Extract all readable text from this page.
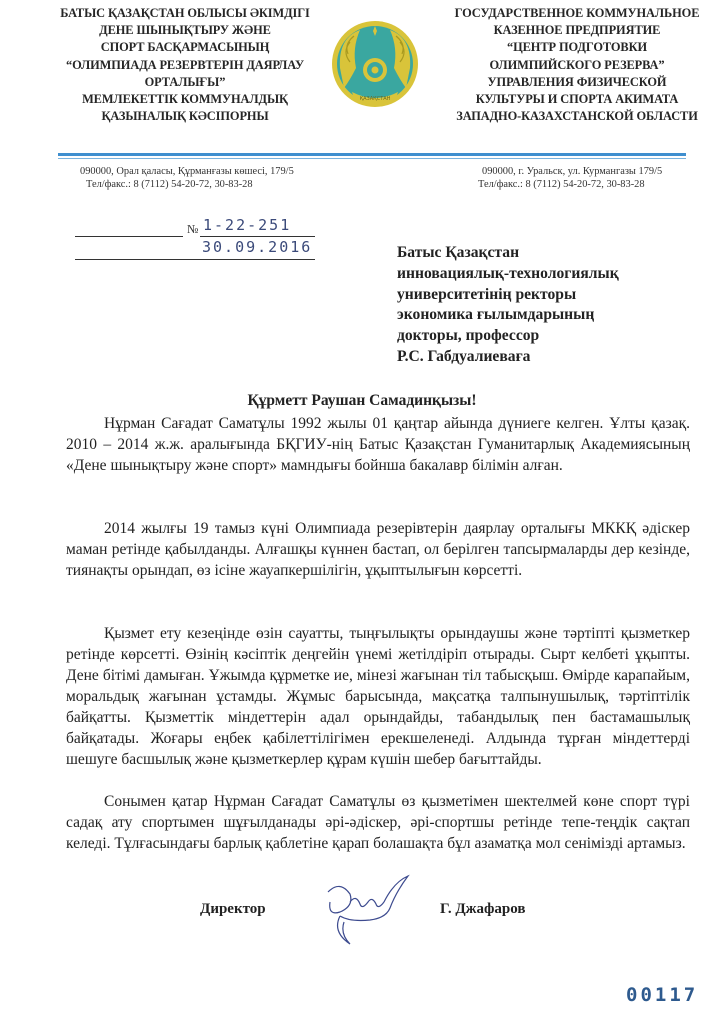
БАТЫС ҚАЗАҚСТАН ОБЛЫСЫ ӘКІМДІГІ
ДЕНЕ ШЫНЫҚТЫРУ ЖӘНЕ
СПОРТ БАСҚАРМАСЫНЫҢ
“ОЛИМПИАДА РЕЗЕРВТЕРІН ДАЯРЛАУ
ОРТАЛЫҒЫ”
МЕМЛЕКЕТТІК КОММУНАЛДЫҚ
ҚАЗЫНАЛЫҚ КӘСІПОРНЫ
ҚАЗАҚСТАН
ГОСУДАРСТВЕННОЕ КОММУНАЛЬНОЕ
КАЗЕННОЕ ПРЕДПРИЯТИЕ
“ЦЕНТР ПОДГОТОВКИ
ОЛИМПИЙСКОГО РЕЗЕРВА”
УПРАВЛЕНИЯ ФИЗИЧЕСКОЙ
КУЛЬТУРЫ И СПОРТА АКИМАТА
ЗАПАДНО-КАЗАХСТАНСКОЙ ОБЛАСТИ
090000, Орал қаласы, Құрманғазы көшесі, 179/5
Тел/факс.: 8 (7112) 54-20-72, 30-83-28
090000, г. Уральск, ул. Курмангазы 179/5
Тел/факс.: 8 (7112) 54-20-72, 30-83-28
№ 1-22-251
30.09.2016	Батыс Қазақстан
инновациялық-технологиялық
университетінің ректоры
экономика ғылымдарының
докторы, профессор
Р.С. Габдуалиеваға
Құрметт Раушан Самадинқызы!

Нұрман Сағадат Саматұлы 1992 жылы 01 қаңтар айында дүниеге келген. Ұлты қазақ. 2010 – 2014 ж.ж. аралығында БҚГИУ-нің Батыс Қазақстан Гуманитарлық Академиясының «Дене шынықтыру және спорт» мамндығы бойнша бакалавр білімін алған.

2014 жылғы 19 тамыз күні Олимпиада резерівтерін даярлау орталығы МККҚ әдіскер маман ретінде қабылданды. Алғашқы күннен бастап, ол берілген тапсырмаларды дер кезінде, тиянақты орындап, өз ісіне жауапкершілігін, ұқыптылығын көрсетті.

Қызмет ету кезеңінде өзін сауатты, тыңғылықты орындаушы және тәртіпті қызметкер ретінде көрсетті. Өзінің кәсіптік деңгейін үнемі жетілдіріп отырады. Сырт келбеті ұқыпты. Дене бітімі дамыған. Ұжымда құрметке ие, мінезі жағынан тіл табысқыш. Өмірде карапайым, моральдық жағынан ұстамды. Жұмыс барысында, мақсатқа талпынушылық, тәртіптілік байқатты. Қызметтік міндеттерін адал орындайды, табандылық пен бастамашылық байқатады. Жоғары еңбек қабілеттілігімен ерекшеленеді. Алдында тұрған міндеттерді шешуге басшылық және қызметкерлер құрам күшін шебер бағыттайды.

Сонымен қатар Нұрман Сағадат Саматұлы өз қызметімен шектелмей көне спорт түрі садақ ату спортымен шұғылданады әрі-әдіскер, әрі-спортшы ретінде тепе-теңдік сақтап келеді. Тұлғасындағы барлық қаблетіне қарап болашақта бұл азаматқа мол сенімізді артамыз.

Директор	Г. Джафаров
00117
